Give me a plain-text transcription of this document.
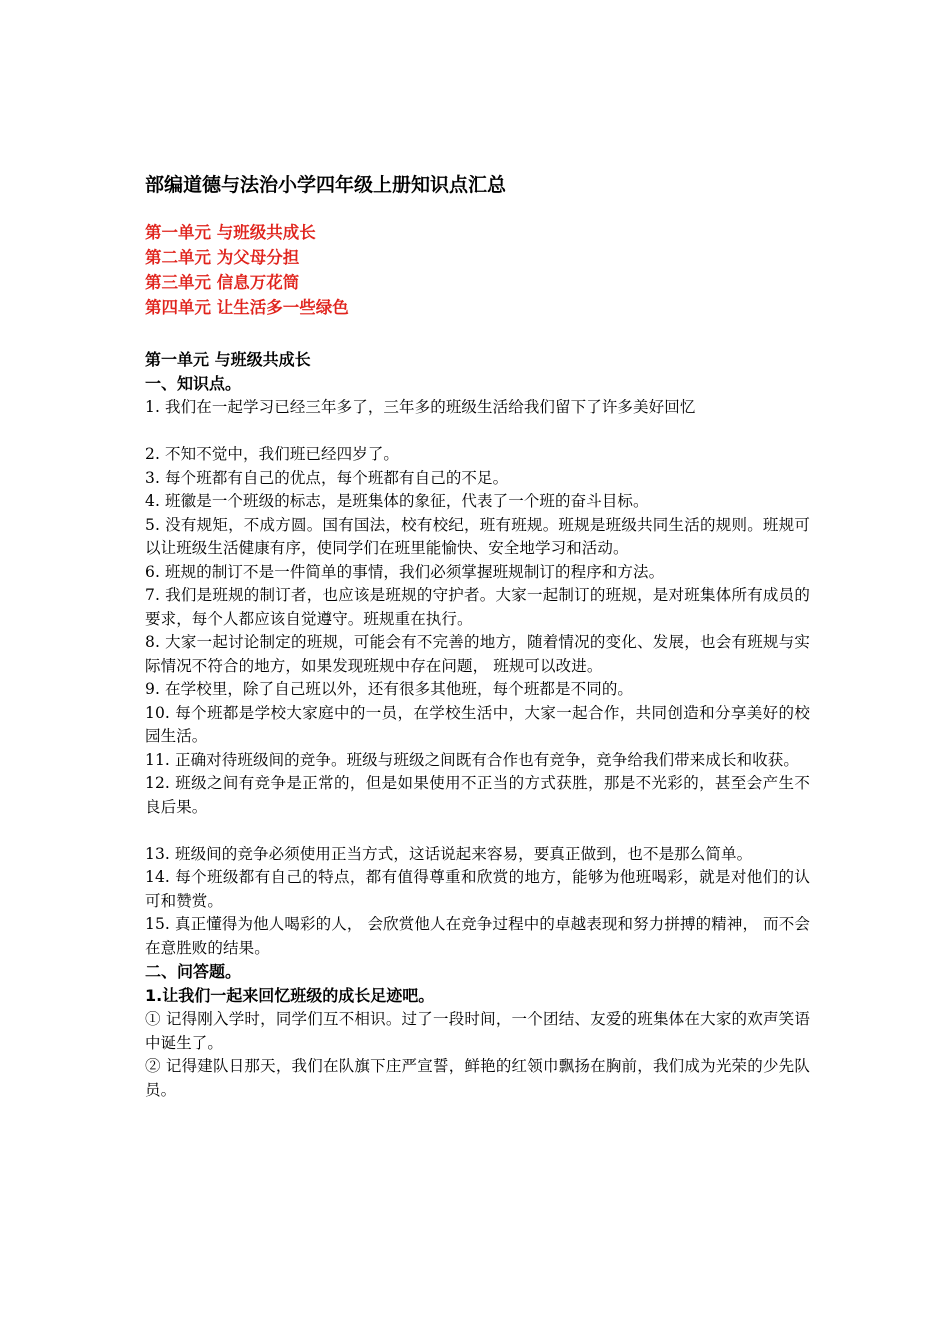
部编道德与法治小学四年级上册知识点汇总
第一单元 与班级共成长
第二单元 为父母分担
第三单元 信息万花筒
第四单元 让生活多一些绿色
第一单元 与班级共成长
一、知识点。
1. 我们在一起学习已经三年多了，三年多的班级生活给我们留下了许多美好回忆
2. 不知不觉中，我们班已经四岁了。
3. 每个班都有自己的优点，每个班都有自己的不足。
4. 班徽是一个班级的标志，是班集体的象征，代表了一个班的奋斗目标。
5. 没有规矩，不成方圆。国有国法，校有校纪，班有班规。班规是班级共同生活的规则。班规可以让班级生活健康有序，使同学们在班里能愉快、安全地学习和活动。
6. 班规的制订不是一件简单的事情，我们必须掌握班规制订的程序和方法。
7. 我们是班规的制订者，也应该是班规的守护者。大家一起制订的班规，是对班集体所有成员的要求，每个人都应该自觉遵守。班规重在执行。
8. 大家一起讨论制定的班规，可能会有不完善的地方，随着情况的变化、发展，也会有班规与实际情况不符合的地方，如果发现班规中存在问题， 班规可以改进。
9. 在学校里，除了自己班以外，还有很多其他班，每个班都是不同的。
10. 每个班都是学校大家庭中的一员，在学校生活中，大家一起合作，共同创造和分享美好的校园生活。
11. 正确对待班级间的竞争。班级与班级之间既有合作也有竞争，竞争给我们带来成长和收获。
12. 班级之间有竞争是正常的，但是如果使用不正当的方式获胜，那是不光彩的，甚至会产生不良后果。
13. 班级间的竞争必须使用正当方式，这话说起来容易，要真正做到，也不是那么简单。
14. 每个班级都有自己的特点，都有值得尊重和欣赏的地方，能够为他班喝彩，就是对他们的认可和赞赏。
15. 真正懂得为他人喝彩的人， 会欣赏他人在竞争过程中的卓越表现和努力拼搏的精神， 而不会在意胜败的结果。
二、问答题。
1.让我们一起来回忆班级的成长足迹吧。
① 记得刚入学时，同学们互不相识。过了一段时间，一个团结、友爱的班集体在大家的欢声笑语中诞生了。
② 记得建队日那天，我们在队旗下庄严宣誓，鲜艳的红领巾飘扬在胸前，我们成为光荣的少先队员。
